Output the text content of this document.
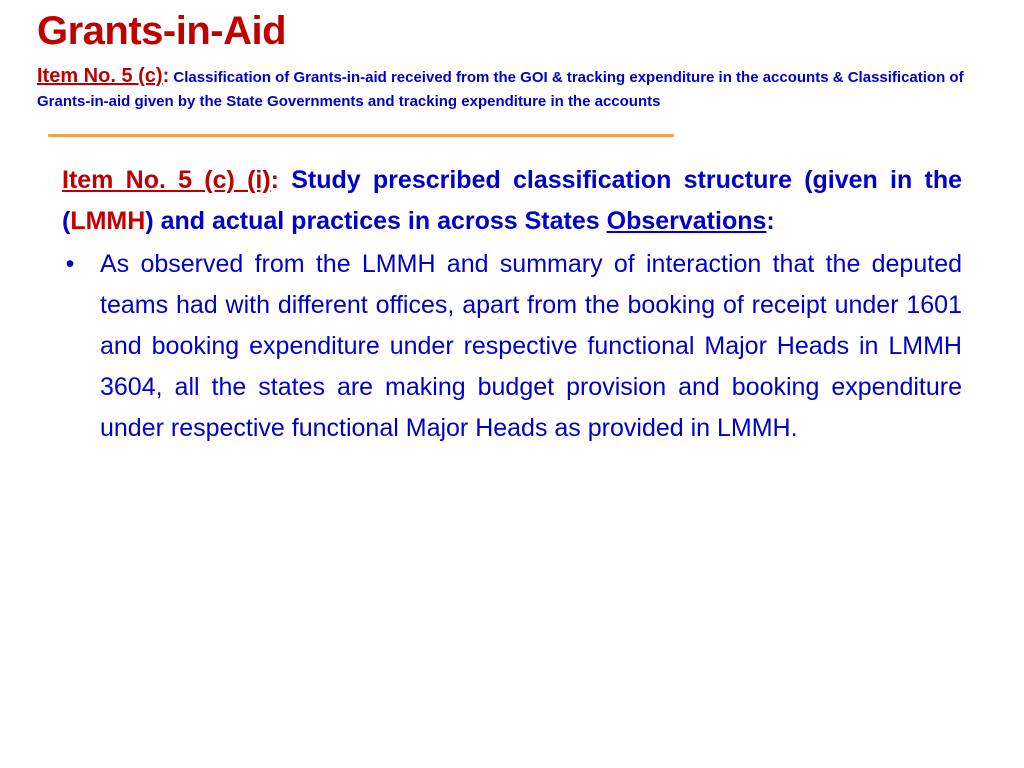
Grants-in-Aid
Item No. 5 (c): Classification of Grants-in-aid received from the GOI & tracking expenditure in the accounts & Classification of Grants-in-aid given by the State Governments and tracking expenditure in the accounts

Item No. 5 (c) (i): Study prescribed classification structure (given in the (LMMH) and actual practices in across States Observations:

• As observed from the LMMH and summary of interaction that the deputed teams had with different offices, apart from the booking of receipt under 1601 and booking expenditure under respective functional Major Heads in LMMH 3604, all the states are making budget provision and booking expenditure under respective functional Major Heads as provided in LMMH.
